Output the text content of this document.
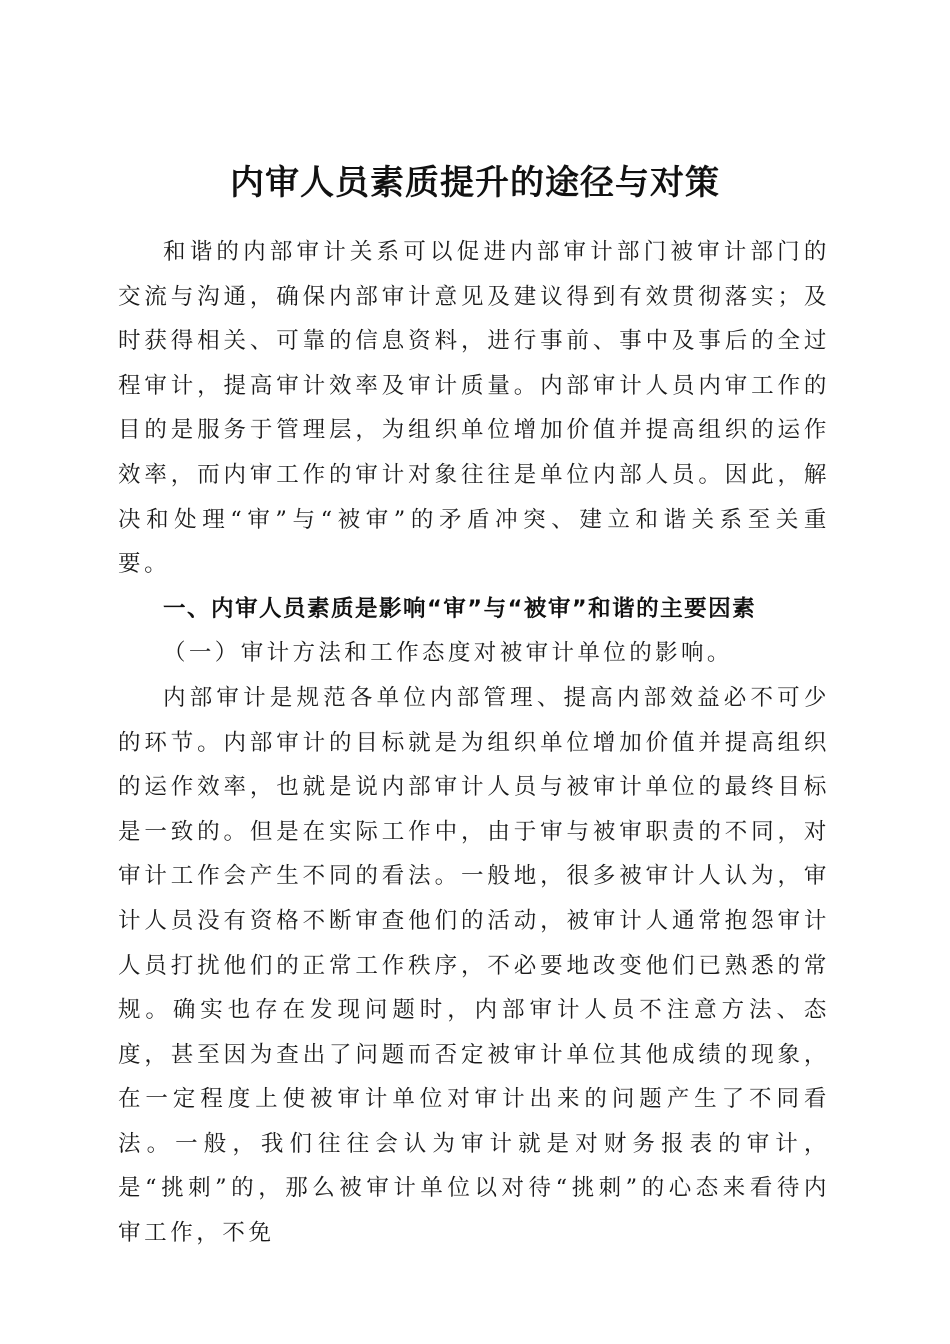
内审人员素质提升的途径与对策

和谐的内部审计关系可以促进内部审计部门被审计部门的交流与沟通，确保内部审计意见及建议得到有效贯彻落实；及时获得相关、可靠的信息资料，进行事前、事中及事后的全过程审计，提高审计效率及审计质量。内部审计人员内审工作的目的是服务于管理层，为组织单位增加价值并提高组织的运作效率，而内审工作的审计对象往往是单位内部人员。因此，解决和处理“审”与“被审”的矛盾冲突、建立和谐关系至关重要。

一、内审人员素质是影响“审”与“被审”和谐的主要因素

（一）审计方法和工作态度对被审计单位的影响。

内部审计是规范各单位内部管理、提高内部效益必不可少的环节。内部审计的目标就是为组织单位增加价值并提高组织的运作效率，也就是说内部审计人员与被审计单位的最终目标是一致的。但是在实际工作中，由于审与被审职责的不同，对审计工作会产生不同的看法。一般地，很多被审计人认为，审计人员没有资格不断审查他们的活动，被审计人通常抱怨审计人员打扰他们的正常工作秩序，不必要地改变他们已熟悉的常规。确实也存在发现问题时，内部审计人员不注意方法、态度，甚至因为查出了问题而否定被审计单位其他成绩的现象，在一定程度上使被审计单位对审计出来的问题产生了不同看法。一般，我们往往会认为审计就是对财务报表的审计，是“挑刺”的，那么被审计单位以对待“挑刺”的心态来看待内审工作，不免
